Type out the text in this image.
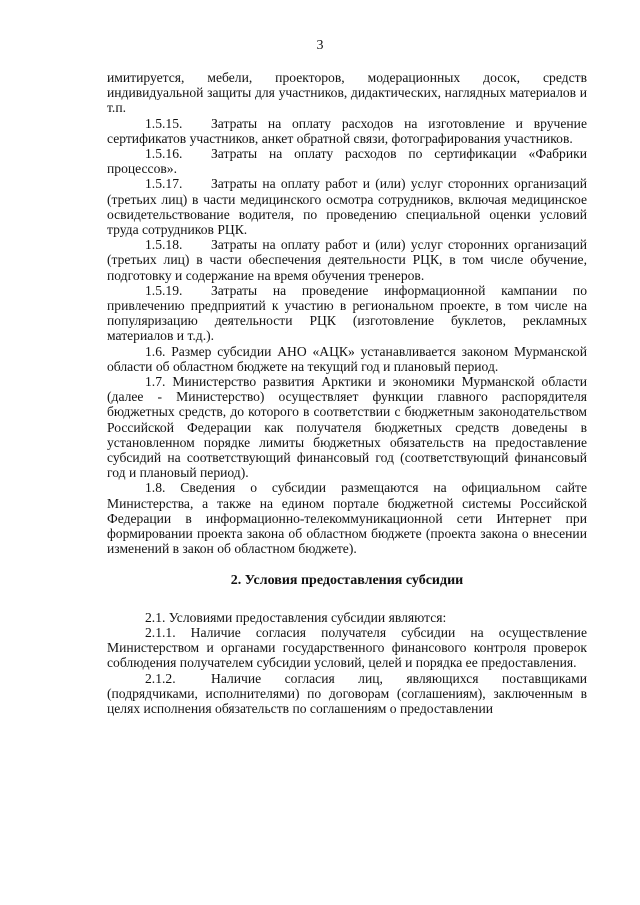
3

имитируется, мебели, проекторов, модерационных досок, средств индивидуальной защиты для участников, дидактических, наглядных материалов и т.п.

1.5.15. Затраты на оплату расходов на изготовление и вручение сертификатов участников, анкет обратной связи, фотографирования участников.

1.5.16. Затраты на оплату расходов по сертификации «Фабрики процессов».

1.5.17. Затраты на оплату работ и (или) услуг сторонних организаций (третьих лиц) в части медицинского осмотра сотрудников, включая медицинское освидетельствование водителя, по проведению специальной оценки условий труда сотрудников РЦК.

1.5.18. Затраты на оплату работ и (или) услуг сторонних организаций (третьих лиц) в части обеспечения деятельности РЦК, в том числе обучение, подготовку и содержание на время обучения тренеров.

1.5.19. Затраты на проведение информационной кампании по привлечению предприятий к участию в региональном проекте, в том числе на популяризацию деятельности РЦК (изготовление буклетов, рекламных материалов и т.д.).

1.6. Размер субсидии АНО «АЦК» устанавливается законом Мурманской области об областном бюджете на текущий год и плановый период.

1.7. Министерство развития Арктики и экономики Мурманской области (далее - Министерство) осуществляет функции главного распорядителя бюджетных средств, до которого в соответствии с бюджетным законодательством Российской Федерации как получателя бюджетных средств доведены в установленном порядке лимиты бюджетных обязательств на предоставление субсидий на соответствующий финансовый год (соответствующий финансовый год и плановый период).

1.8. Сведения о субсидии размещаются на официальном сайте Министерства, а также на едином портале бюджетной системы Российской Федерации в информационно-телекоммуникационной сети Интернет при формировании проекта закона об областном бюджете (проекта закона о внесении изменений в закон об областном бюджете).

2. Условия предоставления субсидии

2.1. Условиями предоставления субсидии являются:

2.1.1. Наличие согласия получателя субсидии на осуществление Министерством и органами государственного финансового контроля проверок соблюдения получателем субсидии условий, целей и порядка ее предоставления.

2.1.2.	Наличие согласия лиц, являющихся поставщиками (подрядчиками, исполнителями) по договорам (соглашениям), заключенным в целях исполнения обязательств по соглашениям о предоставлении
